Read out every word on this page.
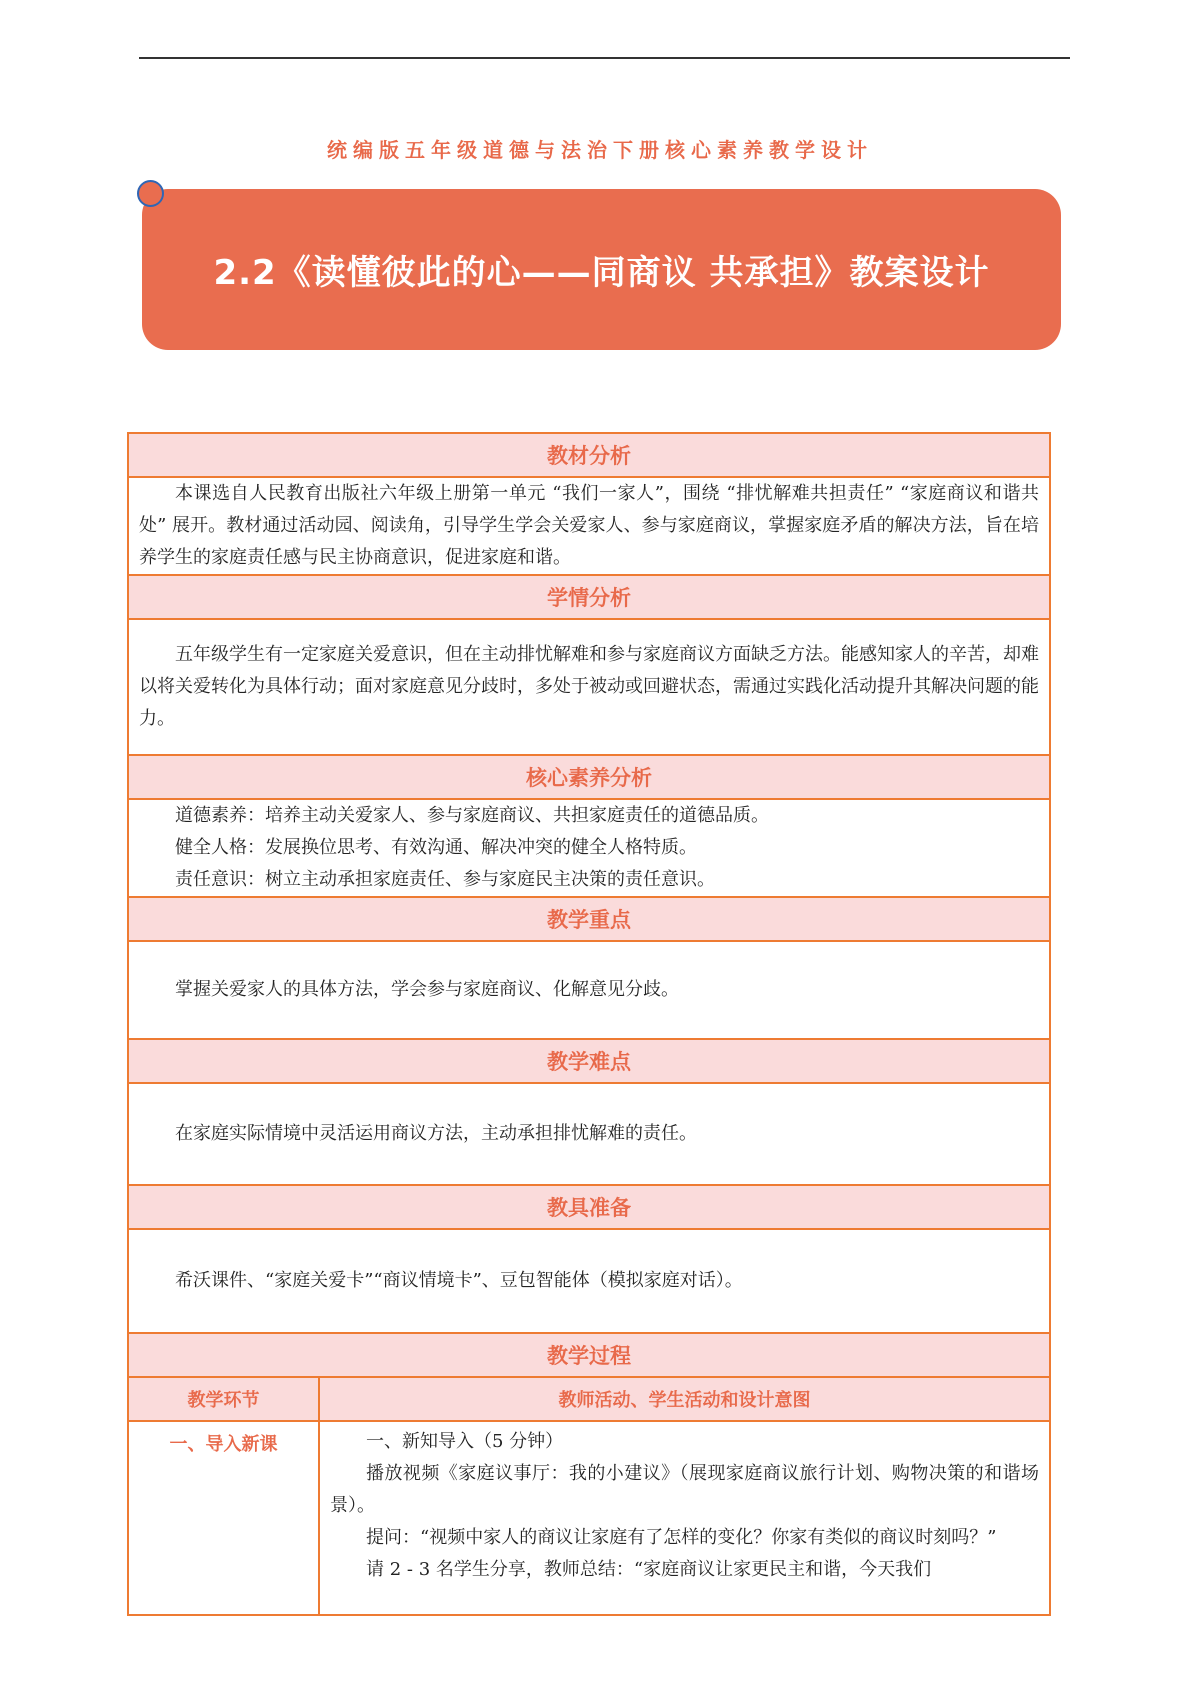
统编版五年级道德与法治下册核心素养教学设计
2.2《读懂彼此的心——同商议 共承担》教案设计
教材分析

本课选自人民教育出版社六年级上册第一单元 “我们一家人”，围绕 “排忧解难共担责任” “家庭商议和谐共处” 展开。教材通过活动园、阅读角，引导学生学会关爱家人、参与家庭商议，掌握家庭矛盾的解决方法，旨在培养学生的家庭责任感与民主协商意识，促进家庭和谐。

学情分析

五年级学生有一定家庭关爱意识，但在主动排忧解难和参与家庭商议方面缺乏方法。能感知家人的辛苦，却难以将关爱转化为具体行动；面对家庭意见分歧时，多处于被动或回避状态，需通过实践化活动提升其解决问题的能力。

核心素养分析

道德素养：培养主动关爱家人、参与家庭商议、共担家庭责任的道德品质。

健全人格：发展换位思考、有效沟通、解决冲突的健全人格特质。

责任意识：树立主动承担家庭责任、参与家庭民主决策的责任意识。

教学重点

掌握关爱家人的具体方法，学会参与家庭商议、化解意见分歧。

教学难点

在家庭实际情境中灵活运用商议方法，主动承担排忧解难的责任。

教具准备

希沃课件、“家庭关爱卡”“商议情境卡”、豆包智能体（模拟家庭对话）。

教学过程
教学环节	教师活动、学生活动和设计意图
一、导入新课	一、新知导入（5 分钟）

播放视频《家庭议事厅：我的小建议》（展现家庭商议旅行计划、购物决策的和谐场景）。

提问：“视频中家人的商议让家庭有了怎样的变化？你家有类似的商议时刻吗？”

请 2 - 3 名学生分享，教师总结：“家庭商议让家更民主和谐，今天我们
